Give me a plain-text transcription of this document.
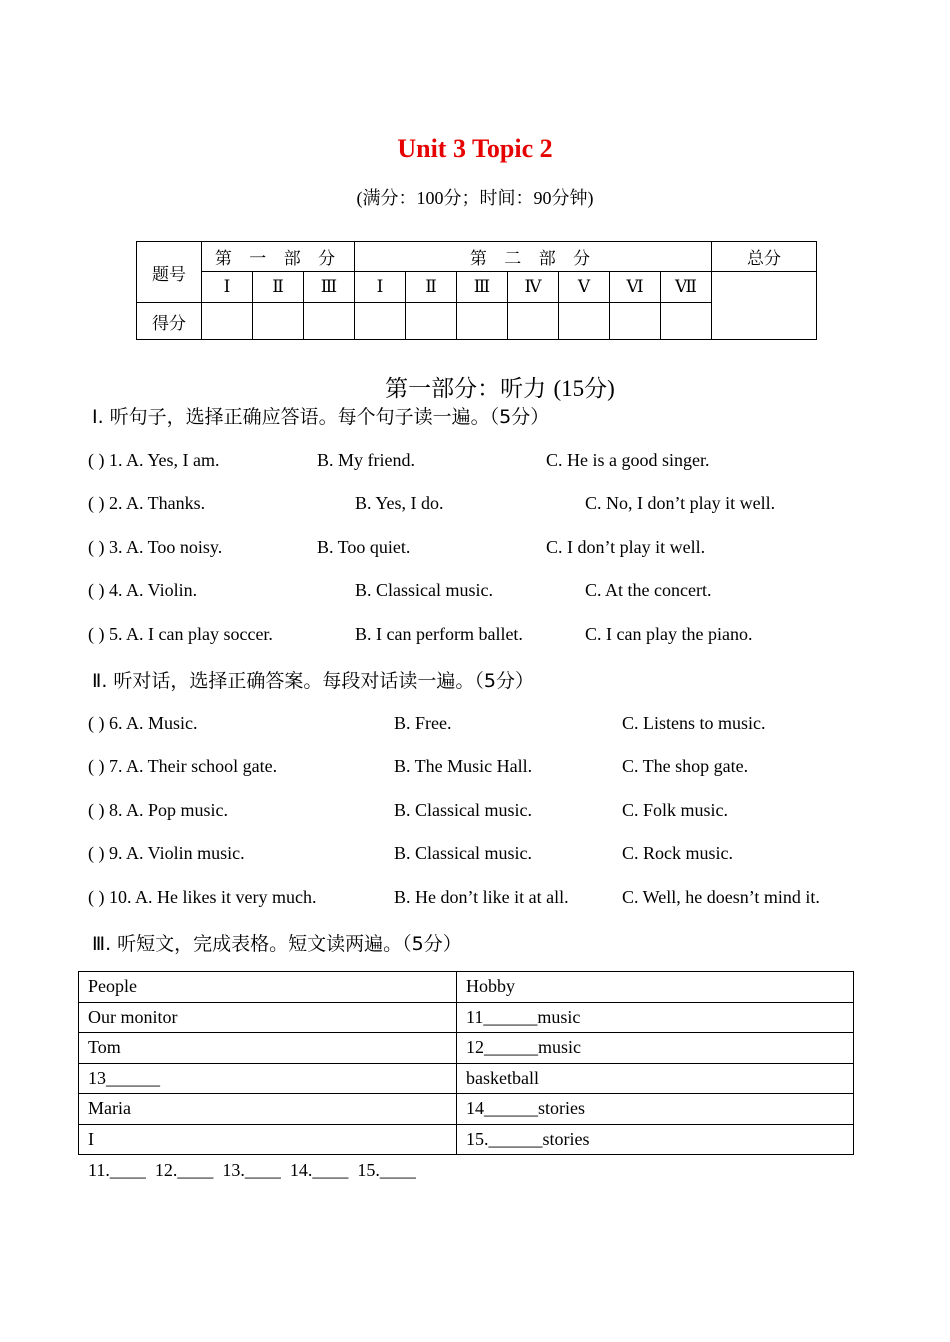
Unit 3 Topic 2
(满分：100分；时间：90分钟)
题号	第 一 部 分			第 二 部 分							总分
	Ⅰ	Ⅱ	Ⅲ	Ⅰ	Ⅱ	Ⅲ	Ⅳ	Ⅴ	Ⅵ	Ⅶ	
得分											
第一部分：听力 (15分)
Ⅰ. 听句子，选择正确应答语。每个句子读一遍。（5分）
( ) 1. A. Yes, I am.	B. My friend.	C. He is a good singer.
( ) 2. A. Thanks.	B. Yes, I do.	C. No, I don’t play it well.
( ) 3. A. Too noisy.	B. Too quiet.	C. I don’t play it well.
( ) 4. A. Violin.	B. Classical music.	C. At the concert.
( ) 5. A. I can play soccer.	B. I can perform ballet.	C. I can play the piano.
Ⅱ. 听对话，选择正确答案。每段对话读一遍。（5分）
( ) 6. A. Music.	B. Free.	C. Listens to music.
( ) 7. A. Their school gate.	B. The Music Hall.	C. The shop gate.
( ) 8. A. Pop music.	B. Classical music.	C. Folk music.
( ) 9. A. Violin music.	B. Classical music.	C. Rock music.
( ) 10. A. He likes it very much.	B. He don’t like it at all.	C. Well, he doesn’t mind it.
Ⅲ. 听短文，完成表格。短文读两遍。（5分）
People	Hobby
Our monitor	11______music
Tom	12______music
13______	basketball
Maria	14______stories
I	15.______stories
11.____  12.____  13.____  14.____  15.____
